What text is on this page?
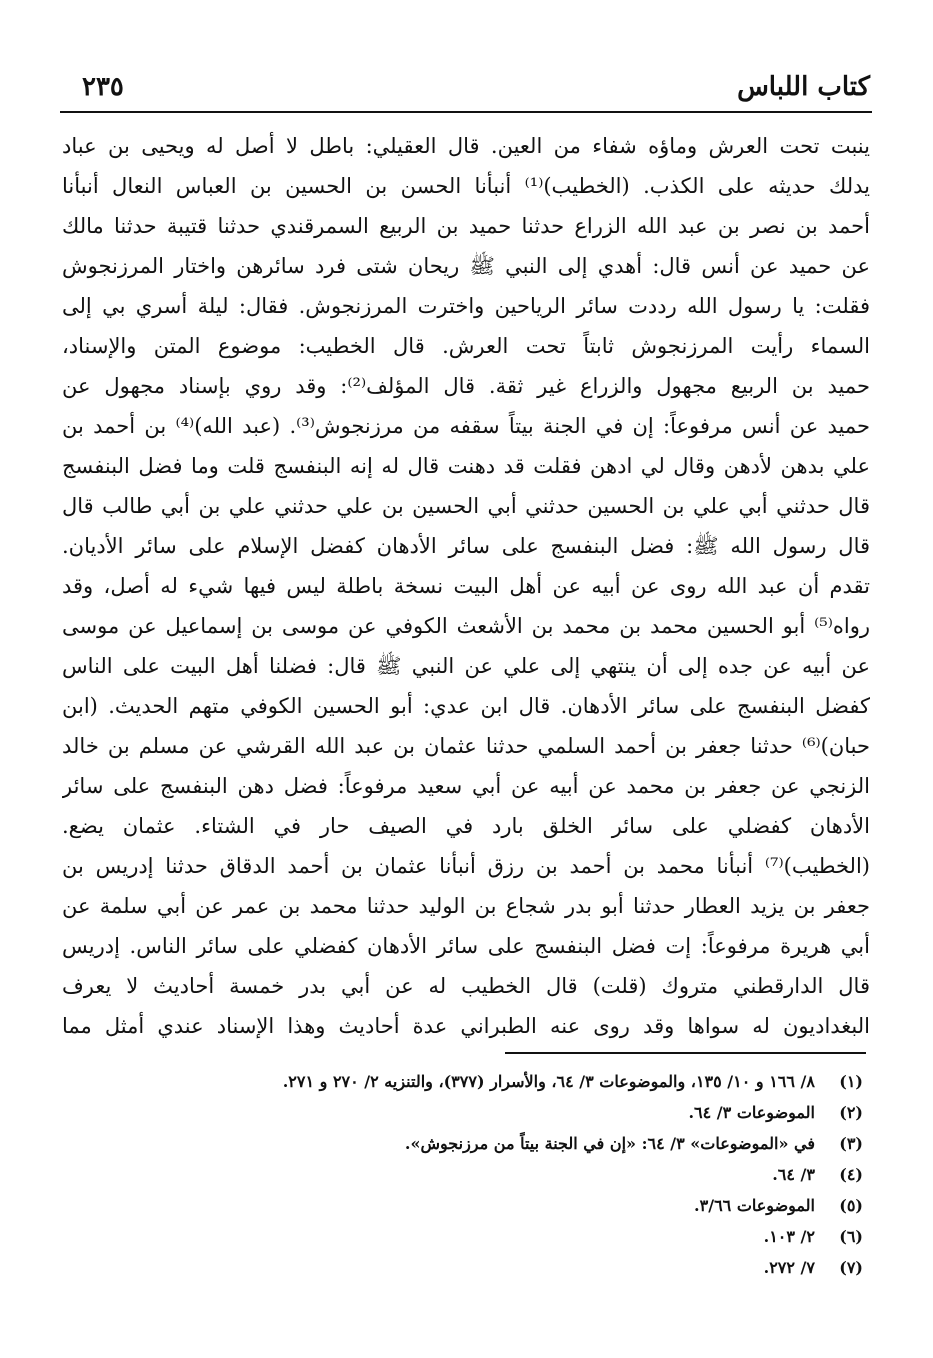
كتاب اللباس
٢٣٥
ينبت تحت العرش وماؤه شفاء من العين. قال العقيلي: باطل لا أصل له ويحيى بن عباد
يدلك حديثه على الكذب. (الخطيب)⁽¹⁾ أنبأنا الحسن بن الحسين بن العباس النعال أنبأنا
أحمد بن نصر بن عبد الله الزراع حدثنا حميد بن الربيع السمرقندي حدثنا قتيبة حدثنا مالك
عن حميد عن أنس قال: أهدي إلى النبي ﷺ ريحان شتى فرد سائرهن واختار المرزنجوش
فقلت: يا رسول الله رددت سائر الرياحين واخترت المرزنجوش. فقال: ليلة أسري بي إلى
السماء رأيت المرزنجوش ثابتاً تحت العرش. قال الخطيب: موضوع المتن والإسناد،
حميد بن الربيع مجهول والزراع غير ثقة. قال المؤلف⁽²⁾: وقد روي بإسناد مجهول عن
حميد عن أنس مرفوعاً: إن في الجنة بيتاً سقفه من مرزنجوش⁽³⁾. (عبد الله)⁽⁴⁾ بن أحمد بن
علي بدهن لأدهن وقال لي ادهن فقلت قد دهنت قال له إنه البنفسج قلت وما فضل البنفسج
قال حدثني أبي علي بن الحسين حدثني أبي الحسين بن علي حدثني علي بن أبي طالب قال
قال رسول الله ﷺ: فضل البنفسج على سائر الأدهان كفضل الإسلام على سائر الأديان.
تقدم أن عبد الله روى عن أبيه عن أهل البيت نسخة باطلة ليس فيها شيء له أصل، وقد
رواه⁽⁵⁾ أبو الحسين محمد بن محمد بن الأشعث الكوفي عن موسى بن إسماعيل عن موسى
عن أبيه عن جده إلى أن ينتهي إلى علي عن النبي ﷺ قال: فضلنا أهل البيت على الناس
كفضل البنفسج على سائر الأدهان. قال ابن عدي: أبو الحسين الكوفي متهم الحديث. (ابن
حبان)⁽⁶⁾ حدثنا جعفر بن أحمد السلمي حدثنا عثمان بن عبد الله القرشي عن مسلم بن خالد
الزنجي عن جعفر بن محمد عن أبيه عن أبي سعيد مرفوعاً: فضل دهن البنفسج على سائر
الأدهان كفضلي على سائر الخلق بارد في الصيف حار في الشتاء. عثمان يضع.
(الخطيب)⁽⁷⁾ أنبأنا محمد بن أحمد بن رزق أنبأنا عثمان بن أحمد الدقاق حدثنا إدريس بن
جعفر بن يزيد العطار حدثنا أبو بدر شجاع بن الوليد حدثنا محمد بن عمر عن أبي سلمة عن
أبي هريرة مرفوعاً: إت فضل البنفسج على سائر الأدهان كفضلي على سائر الناس. إدريس
قال الدارقطني متروك (قلت) قال الخطيب له عن أبي بدر خمسة أحاديث لا يعرف
البغداديون له سواها وقد روى عنه الطبراني عدة أحاديث وهذا الإسناد عندي أمثل مما
(١)
٨/ ١٦٦ و ١٠/ ١٣٥، والموضوعات ٣/ ٦٤، والأسرار (٣٧٧)، والتنزيه ٢/ ٢٧٠ و ٢٧١.
(٢)
الموضوعات ٣/ ٦٤.
(٣)
في «الموضوعات» ٣/ ٦٤: «إن في الجنة بيتاً من مرزنجوش».
(٤)
٣/ ٦٤.
(٥)
الموضوعات ٣/٦٦.
(٦)
٢/ ١٠٣.
(٧)
٧/ ٢٧٢.
